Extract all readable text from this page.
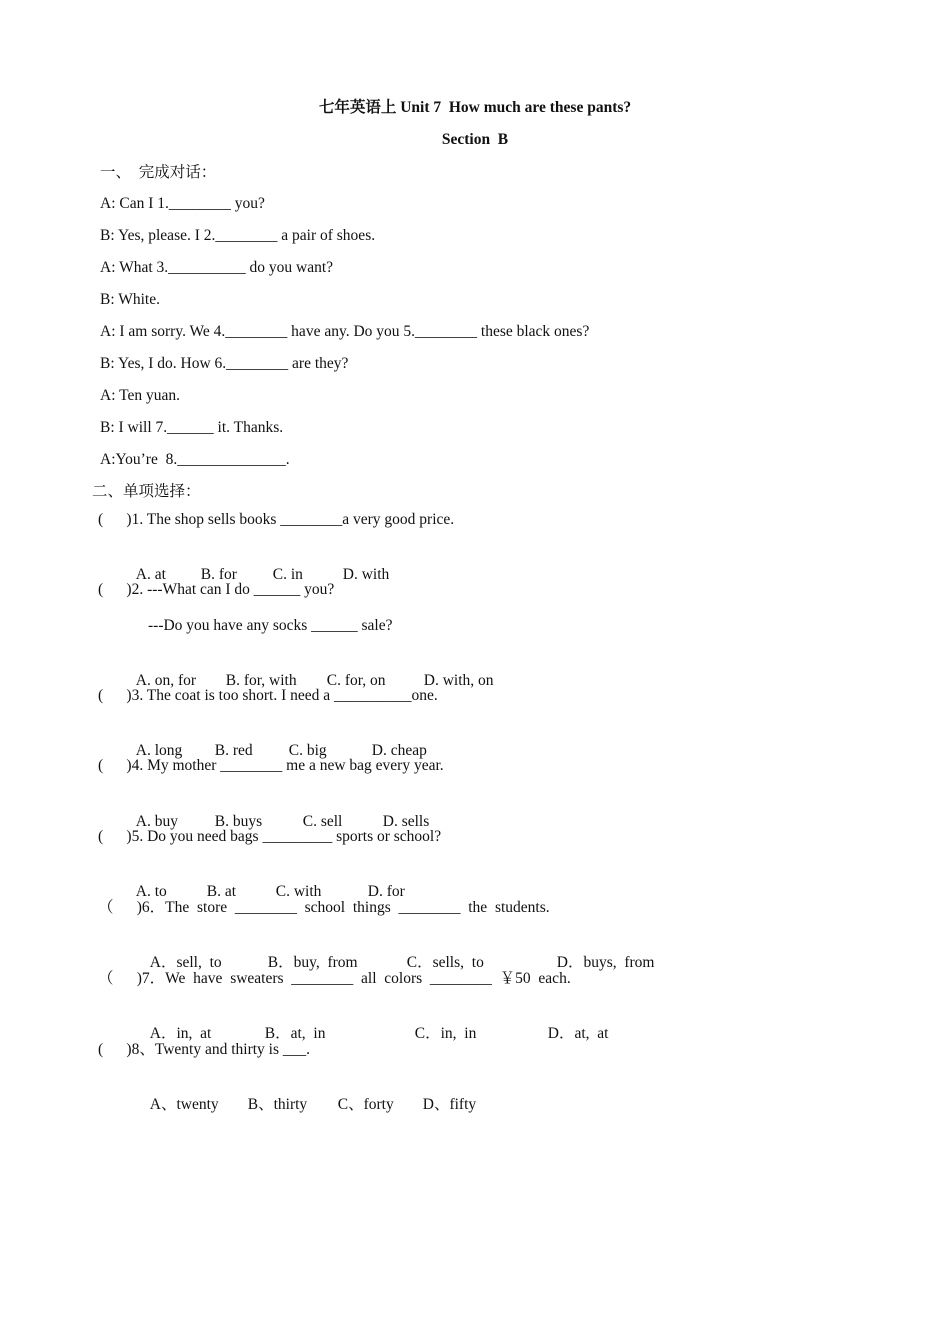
七年英语上 Unit 7  How much are these pants?
Section  B
一、  完成对话：
A: Can I 1.________ you?
B: Yes, please. I 2.________ a pair of shoes.
A: What 3.__________ do you want?
B: White.
A: I am sorry. We 4.________ have any. Do you 5.________ these black ones?
B: Yes, I do. How 6.________ are they?
A: Ten yuan.
B: I will 7.______ it. Thanks.
A:You’re  8.______________.
二、单项选择：
(      )1. The shop sells books ________a very good price.

A. at B. for C. in	D. with

(      )2. ---What can I do ______ you?
---Do you have any socks ______ sale?

A. on, for B. for, with C. for, on D. with, on

(      )3. The coat is too short. I need a __________one.

A. long B. red C. big	D. cheap

(      )4. My mother ________ me a new bag every year.

A. buy B. buys	C. sell	D. sells

(      )5. Do you need bags _________ sports or school?

A. to	B. at	C. with	D. for

（      )6．The  store  ________  school  things  ________  the  students.

A．sell,  to	B．buy,  from	C．sells,  to	D．buys,  from

（      )7．We  have  sweaters  ________  all  colors  ________  ￥50  each.

A．in,  at	B．at,  in	C．in,  in	D．at,  at

(      )8、Twenty and thirty is ___.

A、twenty B、thirty C、forty D、fifty
